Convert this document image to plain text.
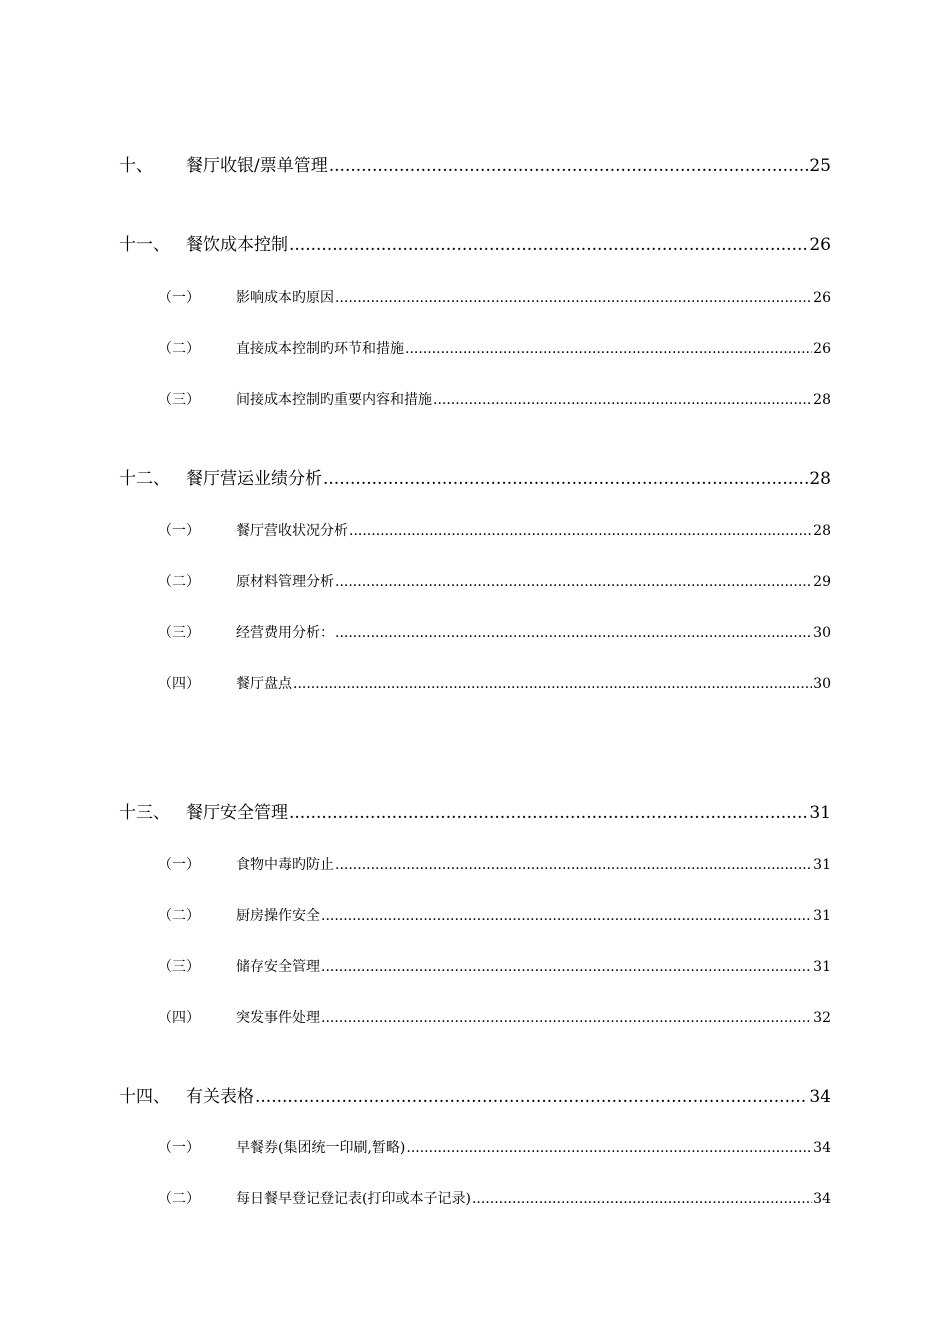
十、 餐厅收银/票单管理 .....	25
十一、 餐饮成本控制 .....	26
（一）	影响成本旳原因 .....	26
（二）	直接成本控制旳环节和措施 .....	26
（三）	间接成本控制旳重要内容和措施 .....	28
十二、 餐厅营运业绩分析 .....	28
（一）	餐厅营收状况分析 .....	28
（二）	原材料管理分析 .....	29
（三）	经营费用分析： .....	30
（四）	餐厅盘点 .....	30
十三、 餐厅安全管理 .....	31
（一）	食物中毒旳防止 .....	31
（二）	厨房操作安全 .....	31
（三）	储存安全管理 .....	31
（四）	突发事件处理 .....	32
十四、 有关表格 .....	34
（一）	早餐券(集团统一印刷,暂略) .....	34
（二）	每日餐早登记登记表(打印或本子记录) .....	34
